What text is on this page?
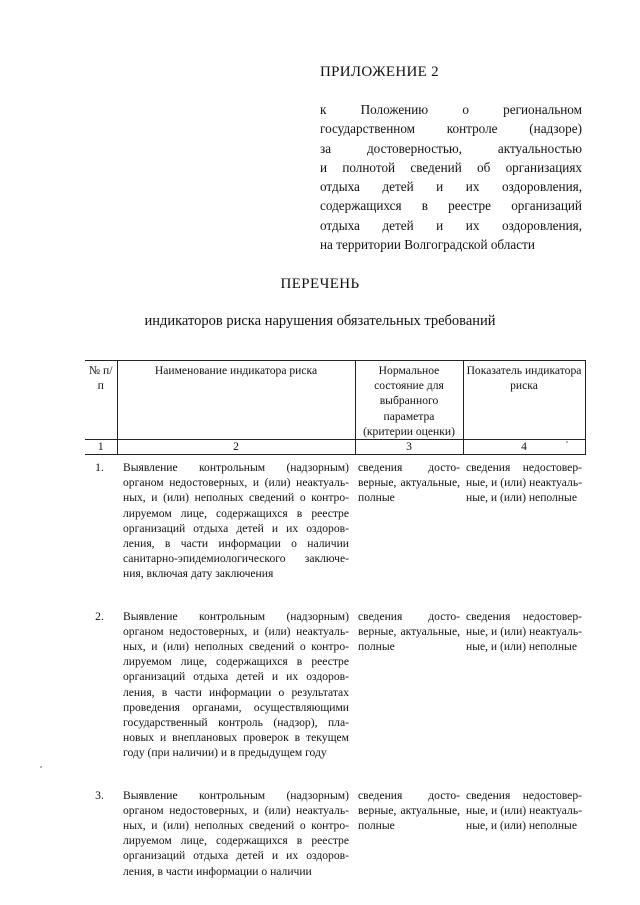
ПРИЛОЖЕНИЕ 2
к Положению о региональном
государственном контроле (надзоре)
за достоверностью, актуальностью
и полнотой сведений об организациях
отдыха детей и их оздоровления,
содержащихся в реестре организаций
отдыха детей и их оздоровления,
на территории Волгоградской области
ПЕРЕЧЕНЬ
индикаторов риска нарушения обязательных требований
№ п/п	Наименование индикатора риска	Нормальное состояние для выбранного параметра (критерии оценки)	Показатель индикатора риска
1	2	3	4
1.	Выявление контрольным (надзорным) органом недостоверных, и (или) неактуальных, и (или) неполных сведений о контролируемом лице, содержащихся в реестре организаций отдыха детей и их оздоровления, в части информации о наличии санитарно-эпидемиологического заключения, включая дату заключения	сведения достоверные, актуальные, полные	сведения недостоверные, и (или) неактуальные, и (или) неполные

2.	Выявление контрольным (надзорным) органом недостоверных, и (или) неактуальных, и (или) неполных сведений о контролируемом лице, содержащихся в реестре организаций отдыха детей и их оздоровления, в части информации о результатах проведения органами, осуществляющими государственный контроль (надзор), плановых и внеплановых проверок в текущем году (при наличии) и в предыдущем году	сведения достоверные, актуальные, полные	сведения недостоверные, и (или) неактуальные, и (или) неполные

3.	Выявление контрольным (надзорным) органом недостоверных, и (или) неактуальных, и (или) неполных сведений о контролируемом лице, содержащихся в реестре организаций отдыха детей и их оздоровления, в части информации о наличии	сведения достоверные, актуальные, полные	сведения недостоверные, и (или) неактуальные, и (или) неполные
